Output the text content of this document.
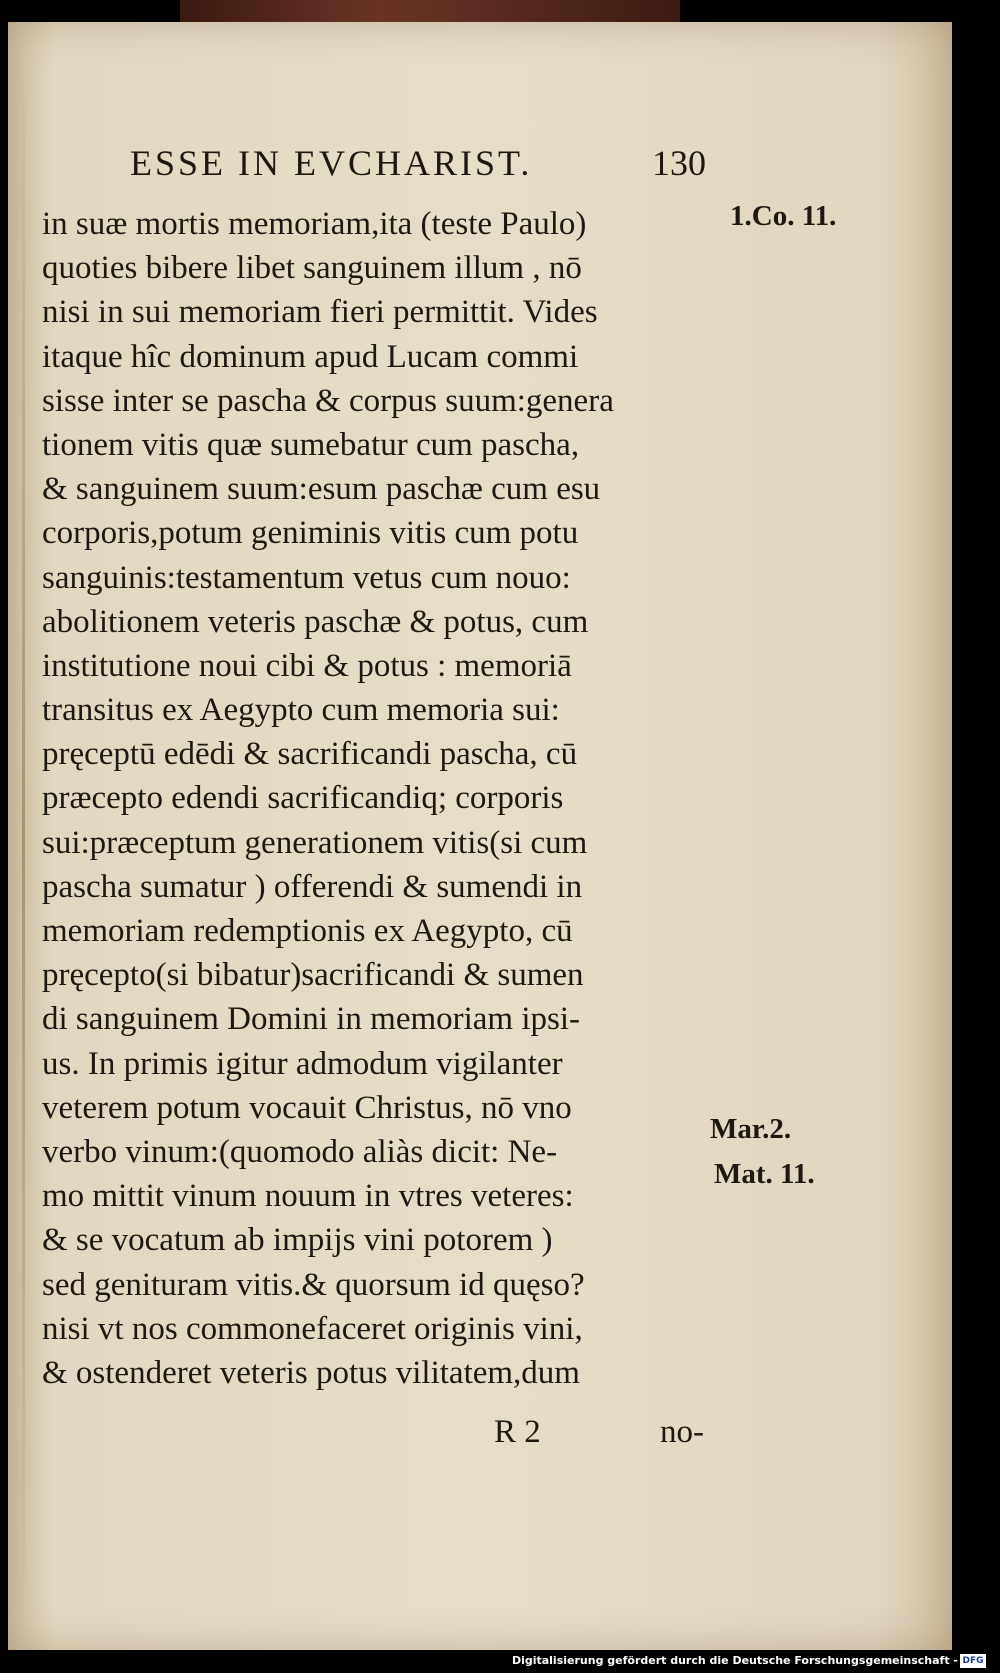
ESSE IN EVCHARIST.	130
in suæ mortis memoriam,ita (teste Paulo)
quoties bibere libet sanguinem illum , nō
nisi in sui memoriam fieri permittit. Vides
itaque hîc dominum apud Lucam commi
sisse inter se pascha & corpus suum:genera
tionem vitis quæ sumebatur cum pascha,
& sanguinem suum:esum paschæ cum esu
corporis,potum geniminis vitis cum potu
sanguinis:testamentum vetus cum nouo:
abolitionem veteris paschæ & potus, cum
institutione noui cibi & potus : memoriā
transitus ex Aegypto cum memoria sui:
pręceptū edēdi & sacrificandi pascha, cū
præcepto edendi sacrificandiq; corporis
sui:præceptum generationem vitis(si cum
pascha sumatur ) offerendi & sumendi in
memoriam redemptionis ex Aegypto, cū
pręcepto(si bibatur)sacrificandi & sumen
di sanguinem Domini in memoriam ipsi-
us. In primis igitur admodum vigilanter
veterem potum vocauit Christus, nō vno
verbo vinum:(quomodo aliàs dicit: Ne-
mo mittit vinum nouum in vtres veteres:
& se vocatum ab impijs vini potorem )
sed genituram vitis.& quorsum id quęso?
nisi vt nos commonefaceret originis vini,
& ostenderet veteris potus vilitatem,dum
1.Co. 11.
Mar.2.
Mat. 11.
R 2	no-
Digitalisierung gefördert durch die Deutsche Forschungsgemeinschaft - DFG
